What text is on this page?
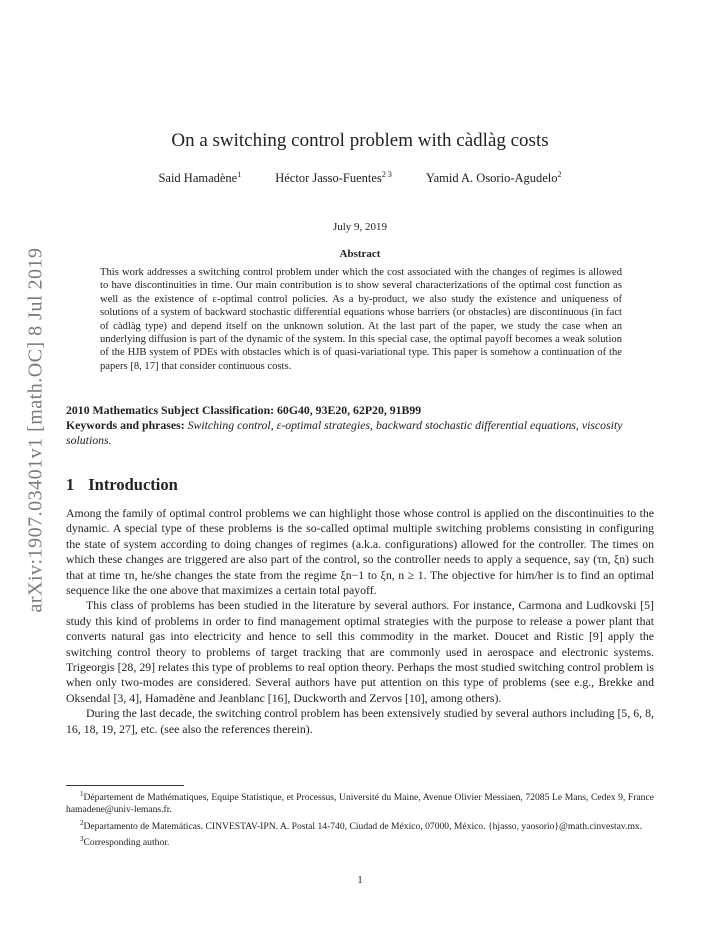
arXiv:1907.03401v1 [math.OC] 8 Jul 2019
On a switching control problem with càdlàg costs
Said Hamadène$^1$	Héctor Jasso-Fuentes$^{2 3}$	Yamid A. Osorio-Agudelo$^2$
July 9, 2019
Abstract
This work addresses a switching control problem under which the cost associated with the changes of regimes is allowed to have discontinuities in time. Our main contribution is to show several characterizations of the optimal cost function as well as the existence of ε-optimal control policies. As a by-product, we also study the existence and uniqueness of solutions of a system of backward stochastic differential equations whose barriers (or obstacles) are discontinuous (in fact of càdlàg type) and depend itself on the unknown solution. At the last part of the paper, we study the case when an underlying diffusion is part of the dynamic of the system. In this special case, the optimal payoff becomes a weak solution of the HJB system of PDEs with obstacles which is of quasi-variational type. This paper is somehow a continuation of the papers [8, 17] that consider continuous costs.
2010 Mathematics Subject Classification: 60G40, 93E20, 62P20, 91B99
Keywords and phrases: Switching control, ε-optimal strategies, backward stochastic differential equations, viscosity solutions.
1 Introduction

Among the family of optimal control problems we can highlight those whose control is applied on the discontinuities to the dynamic. A special type of these problems is the so-called optimal multiple switching problems consisting in configuring the state of system according to doing changes of regimes (a.k.a. configurations) allowed for the controller. The times on which these changes are triggered are also part of the control, so the controller needs to apply a sequence, say (τn, ξn) such that at time τn, he/she changes the state from the regime ξn−1 to ξn, n ≥ 1. The objective for him/her is to find an optimal sequence like the one above that maximizes a certain total payoff.

This class of problems has been studied in the literature by several authors. For instance, Carmona and Ludkovski [5] study this kind of problems in order to find management optimal strategies with the purpose to release a power plant that converts natural gas into electricity and hence to sell this commodity in the market. Doucet and Ristic [9] apply the switching control theory to problems of target tracking that are commonly used in aerospace and electronic systems. Trigeorgis [28, 29] relates this type of problems to real option theory. Perhaps the most studied switching control problem is when only two-modes are considered. Several authors have put attention on this type of problems (see e.g., Brekke and Oksendal [3, 4], Hamadène and Jeanblanc [16], Duckworth and Zervos [10], among others).

During the last decade, the switching control problem has been extensively studied by several authors including [5, 6, 8, 16, 18, 19, 27], etc. (see also the references therein).

$^1$Département de Mathématiques, Equipe Statistique, et Processus, Université du Maine, Avenue Olivier Messiaen, 72085 Le Mans, Cedex 9, France hamadene@univ-lemans.fr.

$^2$Departamento de Matemáticas. CINVESTAV-IPN. A. Postal 14-740, Ciudad de México, 07000, México. {hjasso, yaosorio}@math.cinvestav.mx.

$^3$Corresponding author.

1
